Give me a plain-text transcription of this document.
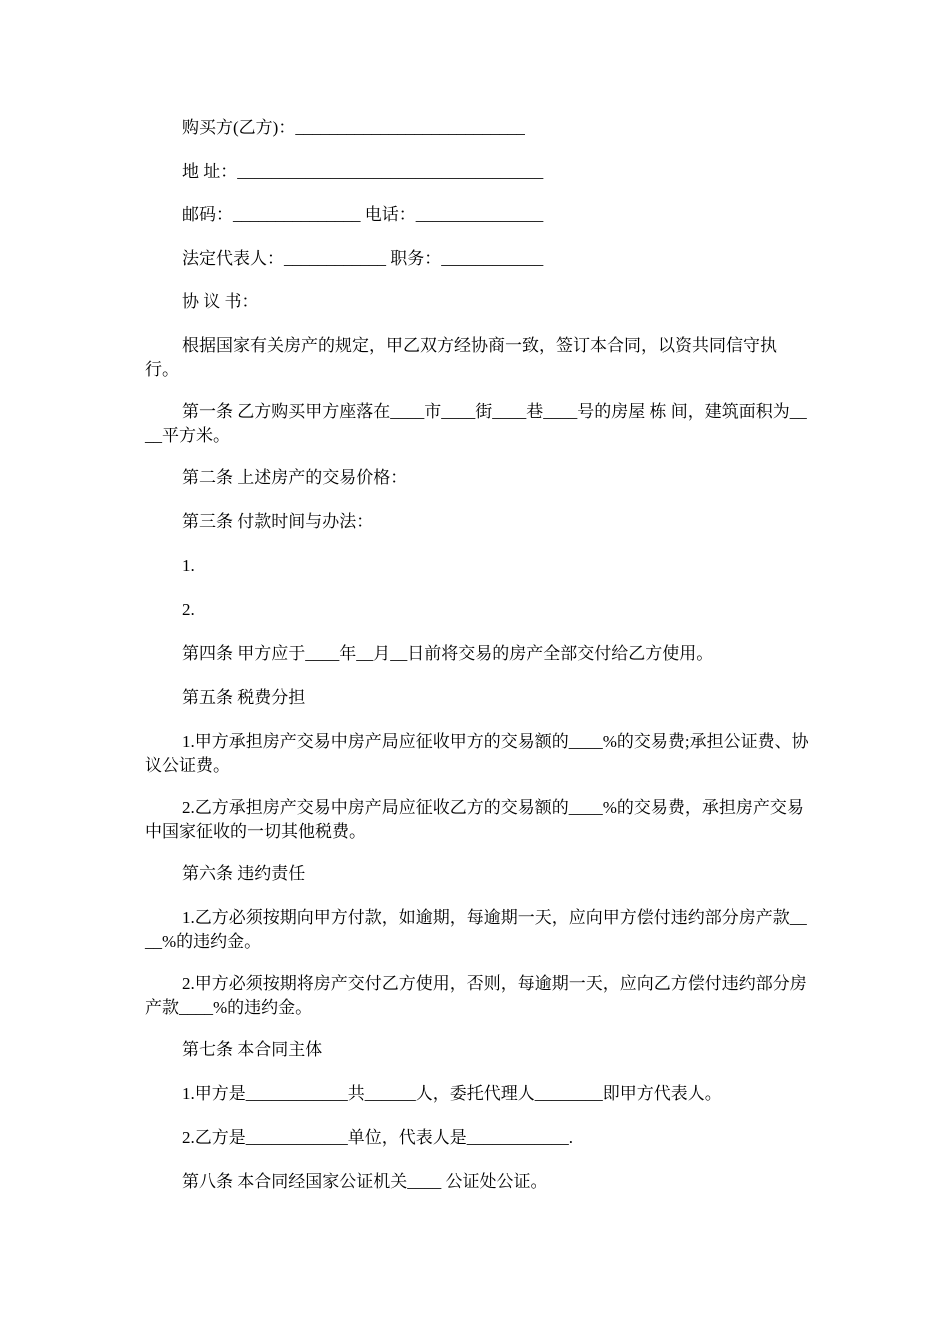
购买方(乙方)：___________________________
地 址：____________________________________
邮码：_______________ 电话：_______________
法定代表人：____________ 职务：____________
协 议 书：
根据国家有关房产的规定，甲乙双方经协商一致，签订本合同，以资共同信守执行。
第一条 乙方购买甲方座落在____市____街____巷____号的房屋 栋 间，建筑面积为____平方米。
第二条 上述房产的交易价格：
第三条 付款时间与办法：
1.
2.
第四条 甲方应于____年__月__日前将交易的房产全部交付给乙方使用。
第五条 税费分担
1.甲方承担房产交易中房产局应征收甲方的交易额的____%的交易费;承担公证费、协议公证费。
2.乙方承担房产交易中房产局应征收乙方的交易额的____%的交易费，承担房产交易中国家征收的一切其他税费。
第六条 违约责任
1.乙方必须按期向甲方付款，如逾期，每逾期一天，应向甲方偿付违约部分房产款____%的违约金。
2.甲方必须按期将房产交付乙方使用，否则，每逾期一天，应向乙方偿付违约部分房产款____%的违约金。
第七条 本合同主体
1.甲方是____________共______人，委托代理人________即甲方代表人。
2.乙方是____________单位，代表人是____________.
第八条 本合同经国家公证机关____ 公证处公证。
